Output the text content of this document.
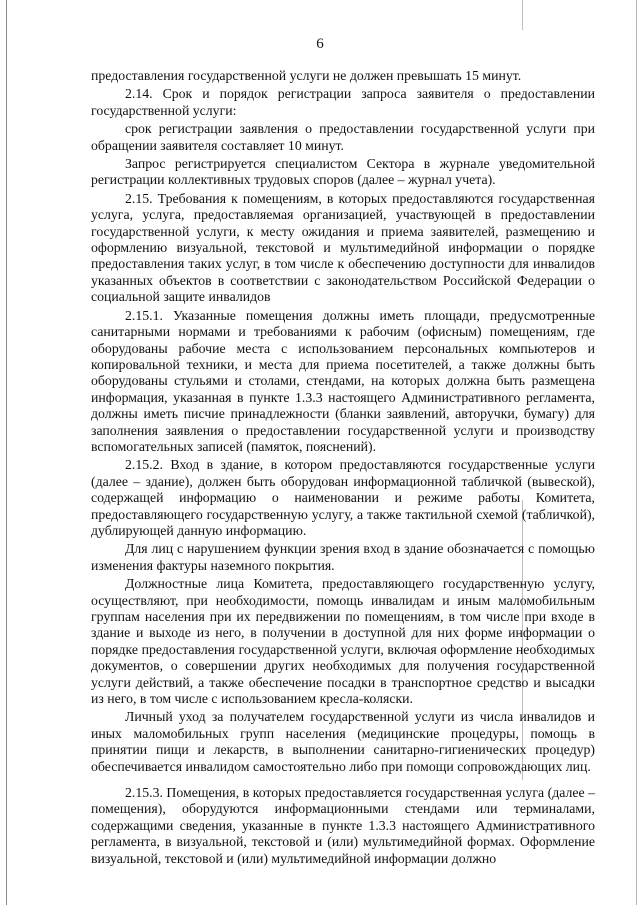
6

предоставления государственной услуги не должен превышать 15 минут.

2.14. Срок и порядок регистрации запроса заявителя о предоставлении государственной услуги:

срок регистрации заявления о предоставлении государственной услуги при обращении заявителя составляет 10 минут.

Запрос регистрируется специалистом Сектора в журнале уведомительной регистрации коллективных трудовых споров (далее – журнал учета).

2.15. Требования к помещениям, в которых предоставляются государственная услуга, услуга, предоставляемая организацией, участвующей в предоставлении государственной услуги, к месту ожидания и приема заявителей, размещению и оформлению визуальной, текстовой и мультимедийной информации о порядке предоставления таких услуг, в том числе к обеспечению доступности для инвалидов указанных объектов в соответствии с законодательством Российской Федерации о социальной защите инвалидов

2.15.1. Указанные помещения должны иметь площади, предусмотренные санитарными нормами и требованиями к рабочим (офисным) помещениям, где оборудованы рабочие места с использованием персональных компьютеров и копировальной техники, и места для приема посетителей, а также должны быть оборудованы стульями и столами, стендами, на которых должна быть размещена информация, указанная в пункте 1.3.3 настоящего Административного регламента, должны иметь писчие принадлежности (бланки заявлений, авторучки, бумагу) для заполнения заявления о предоставлении государственной услуги и производству вспомогательных записей (памяток, пояснений).

2.15.2. Вход в здание, в котором предоставляются государственные услуги (далее – здание), должен быть оборудован информационной табличкой (вывеской), содержащей информацию о наименовании и режиме работы Комитета, предоставляющего государственную услугу, а также тактильной схемой (табличкой), дублирующей данную информацию.

Для лиц с нарушением функции зрения вход в здание обозначается с помощью изменения фактуры наземного покрытия.

Должностные лица Комитета, предоставляющего государственную услугу, осуществляют, при необходимости, помощь инвалидам и иным маломобильным группам населения при их передвижении по помещениям, в том числе при входе в здание и выходе из него, в получении в доступной для них форме информации о порядке предоставления государственной услуги, включая оформление необходимых документов, о совершении других необходимых для получения государственной услуги действий, а также обеспечение посадки в транспортное средство и высадки из него, в том числе с использованием кресла-коляски.

Личный уход за получателем государственной услуги из числа инвалидов и иных маломобильных групп населения (медицинские процедуры, помощь в принятии пищи и лекарств, в выполнении санитарно-гигиенических процедур) обеспечивается инвалидом самостоятельно либо при помощи сопровождающих лиц.

2.15.3. Помещения, в которых предоставляется государственная услуга (далее – помещения), оборудуются информационными стендами или терминалами, содержащими сведения, указанные в пункте 1.3.3 настоящего Административного регламента, в визуальной, текстовой и (или) мультимедийной формах. Оформление визуальной, текстовой и (или) мультимедийной информации должно
